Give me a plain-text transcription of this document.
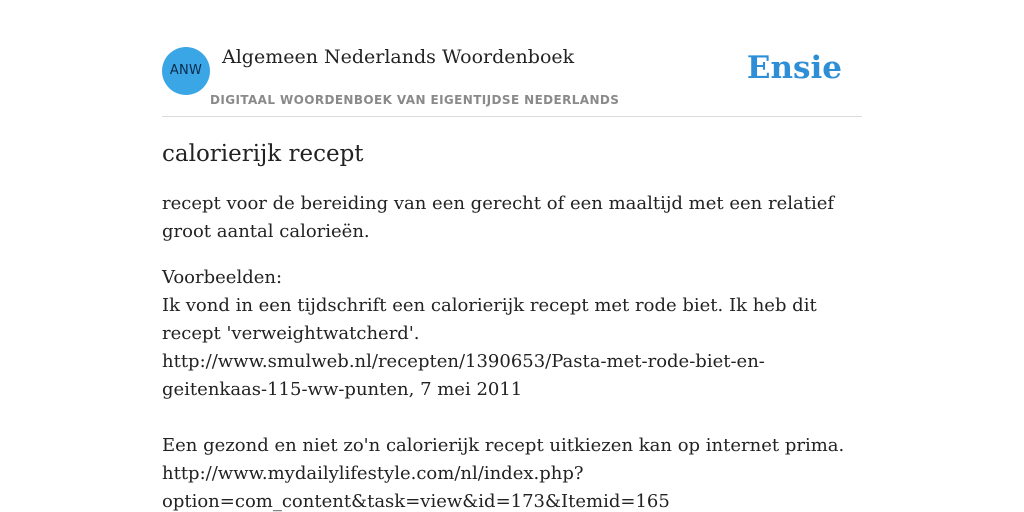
ANW
Algemeen Nederlands Woordenboek
DIGITAAL WOORDENBOEK VAN EIGENTIJDSE NEDERLANDS
Ensie
calorierijk recept

recept voor de bereiding van een gerecht of een maaltijd met een relatief groot aantal calorieën.

Voorbeelden:
Ik vond in een tijdschrift een calorierijk recept met rode biet. Ik heb dit recept 'verweightwatcherd'.
http://www.smulweb.nl/recepten/1390653/Pasta-met-rode-biet-en-geitenkaas-115-ww-punten, 7 mei 2011
Een gezond en niet zo'n calorierijk recept uitkiezen kan op internet prima.
http://www.mydailylifestyle.com/nl/index.php?option=com_content&task=view&id=173&Itemid=165
